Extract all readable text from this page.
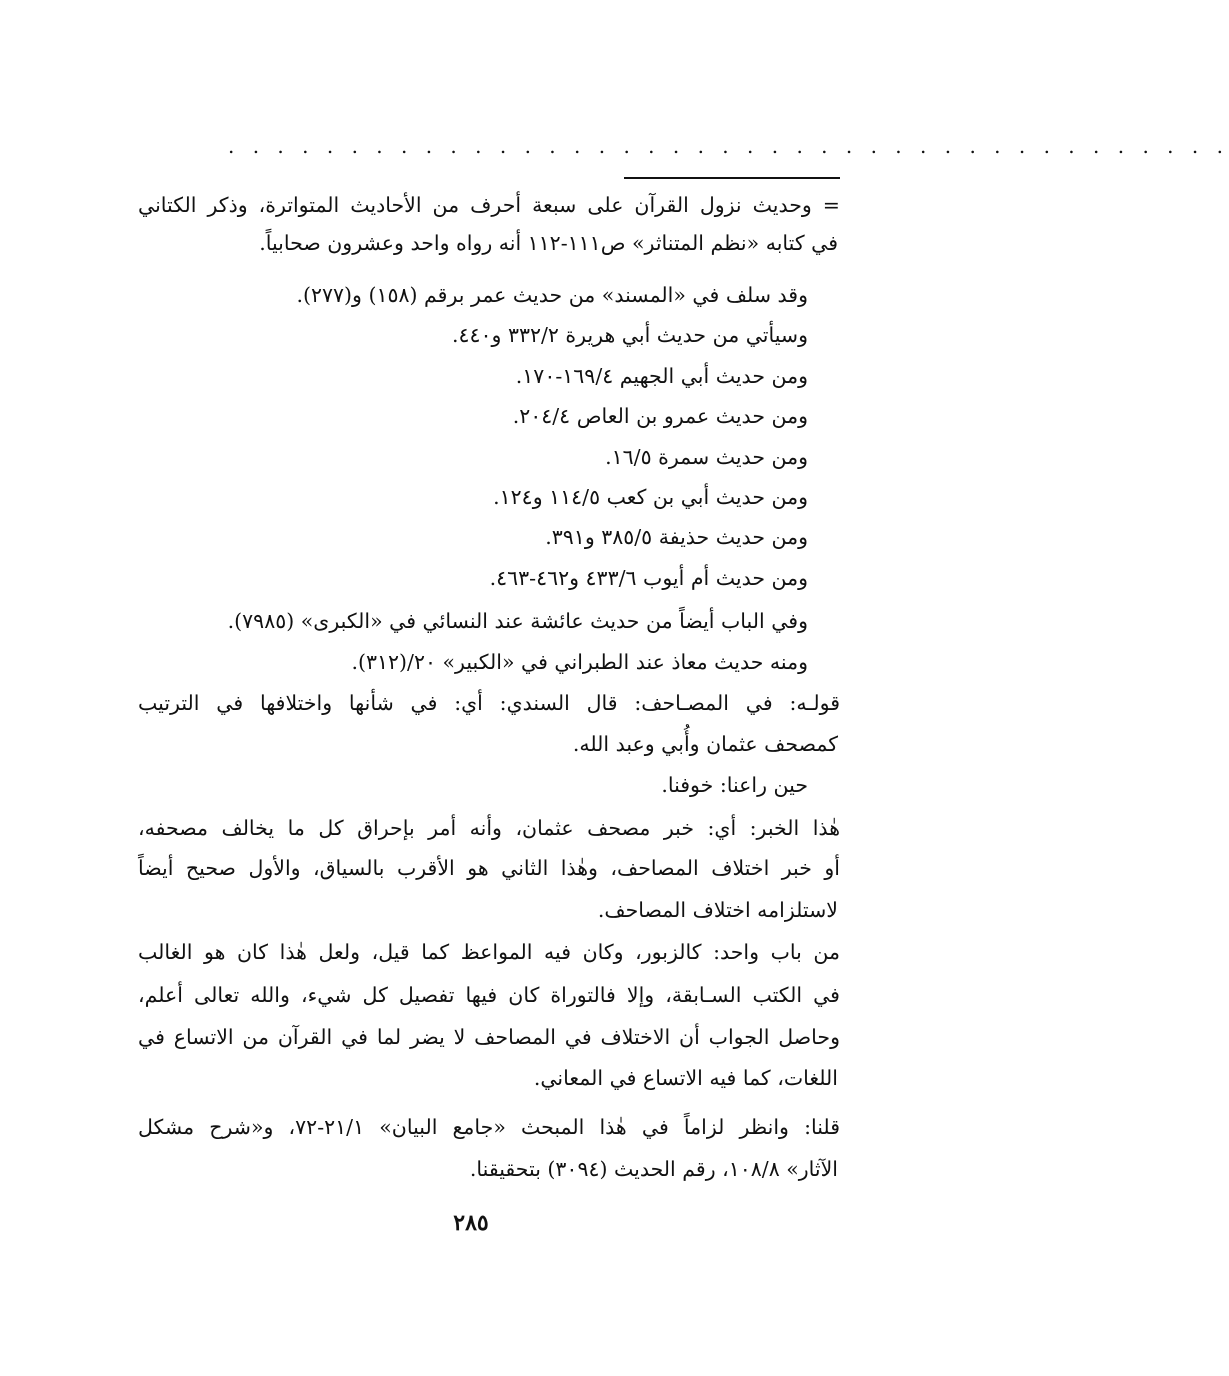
. . . . . . . . . . . . . . . . . . . . . . . . . . . . . . . . . . . . . . . . .
= وحديث نزول القرآن على سبعة أحرف من الأحاديث المتواترة، وذكر الكتاني
في كتابه «نظم المتناثر» ص١١١-١١٢ أنه رواه واحد وعشرون صحابياً.
وقد سلف في «المسند» من حديث عمر برقم (١٥٨) و(٢٧٧).
وسيأتي من حديث أبي هريرة ٣٣٢/٢ و٤٤٠.
ومن حديث أبي الجهيم ١٦٩/٤-١٧٠.
ومن حديث عمرو بن العاص ٢٠٤/٤.
ومن حديث سمرة ١٦/٥.
ومن حديث أبي بن كعب ١١٤/٥ و١٢٤.
ومن حديث حذيفة ٣٨٥/٥ و٣٩١.
ومن حديث أم أيوب ٤٣٣/٦ و٤٦٢-٤٦٣.
وفي الباب أيضاً من حديث عائشة عند النسائي في «الكبرى» (٧٩٨٥).
ومنه حديث معاذ عند الطبراني في «الكبير» ٢٠/(٣١٢).
قولـه: في المصـاحف: قال السندي: أي: في شأنها واختلافها في الترتيب
كمصحف عثمان وأُبي وعبد الله.
حين راعنا: خوفنا.
هٰذا الخبر: أي: خبر مصحف عثمان، وأنه أمر بإحراق كل ما يخالف مصحفه،
أو خبر اختلاف المصاحف، وهٰذا الثاني هو الأقرب بالسياق، والأول صحيح أيضاً
لاستلزامه اختلاف المصاحف.
من باب واحد: كالزبور، وكان فيه المواعظ كما قيل، ولعل هٰذا كان هو الغالب
في الكتب السـابقة، وإلا فالتوراة كان فيها تفصيل كل شيء، والله تعالى أعلم،
وحاصل الجواب أن الاختلاف في المصاحف لا يضر لما في القرآن من الاتساع في
اللغات، كما فيه الاتساع في المعاني.
قلنا: وانظر لزاماً في هٰذا المبحث «جامع البيان» ٢١/١-٧٢، و«شرح مشكل
الآثار» ١٠٨/٨، رقم الحديث (٣٠٩٤) بتحقيقنا.
٢٨٥
